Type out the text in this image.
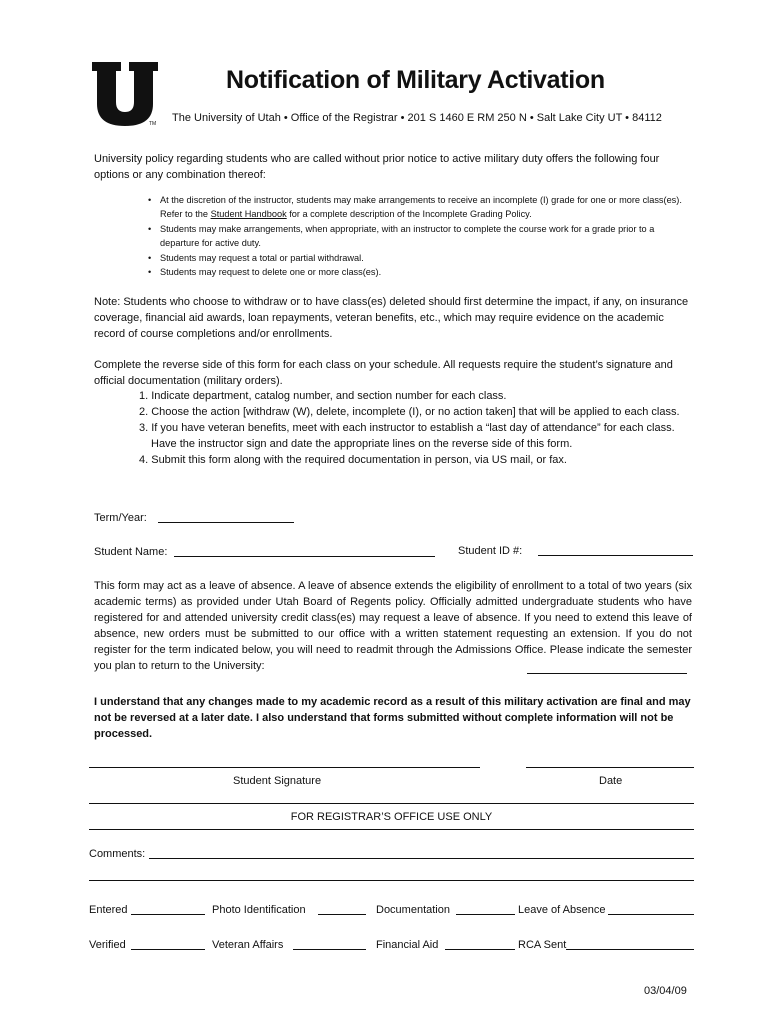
TM
Notification of Military Activation
The University of Utah • Office of the Registrar • 201 S 1460 E RM 250 N • Salt Lake City UT • 84112
University policy regarding students who are called without prior notice to active military duty offers the following four options or any combination thereof:
• At the discretion of the instructor, students may make arrangements to receive an incomplete (I) grade for one or more class(es). Refer to the Student Handbook for a complete description of the Incomplete Grading Policy.
• Students may make arrangements, when appropriate, with an instructor to complete the course work for a grade prior to a departure for active duty.
• Students may request a total or partial withdrawal.
• Students may request to delete one or more class(es).
Note: Students who choose to withdraw or to have class(es) deleted should first determine the impact, if any, on insurance coverage, financial aid awards, loan repayments, veteran benefits, etc., which may require evidence on the academic record of course completions and/or enrollments.
Complete the reverse side of this form for each class on your schedule. All requests require the student’s signature and official documentation (military orders).
1. Indicate department, catalog number, and section number for each class.
2. Choose the action [withdraw (W), delete, incomplete (I), or no action taken] that will be applied to each class.
3. If you have veteran benefits, meet with each instructor to establish a “last day of attendance” for each class. Have the instructor sign and date the appropriate lines on the reverse side of this form.
4. Submit this form along with the required documentation in person, via US mail, or fax.
Term/Year:
Student Name:	Student ID #:
This form may act as a leave of absence. A leave of absence extends the eligibility of enrollment to a total of two years (six academic terms) as provided under Utah Board of Regents policy. Officially admitted undergraduate students who have registered for and attended university credit class(es) may request a leave of absence. If you need to extend this leave of absence, new orders must be submitted to our office with a written statement requesting an extension. If you do not register for the term indicated below, you will need to readmit through the Admissions Office. Please indicate the semester you plan to return to the University:
I understand that any changes made to my academic record as a result of this military activation are final and may not be reversed at a later date. I also understand that forms submitted without complete information will not be processed.
Student Signature	Date
FOR REGISTRAR’S OFFICE USE ONLY
Comments:
Entered	Photo Identification	Documentation	Leave of Absence
Verified	Veteran Affairs	Financial Aid	RCA Sent
03/04/09
